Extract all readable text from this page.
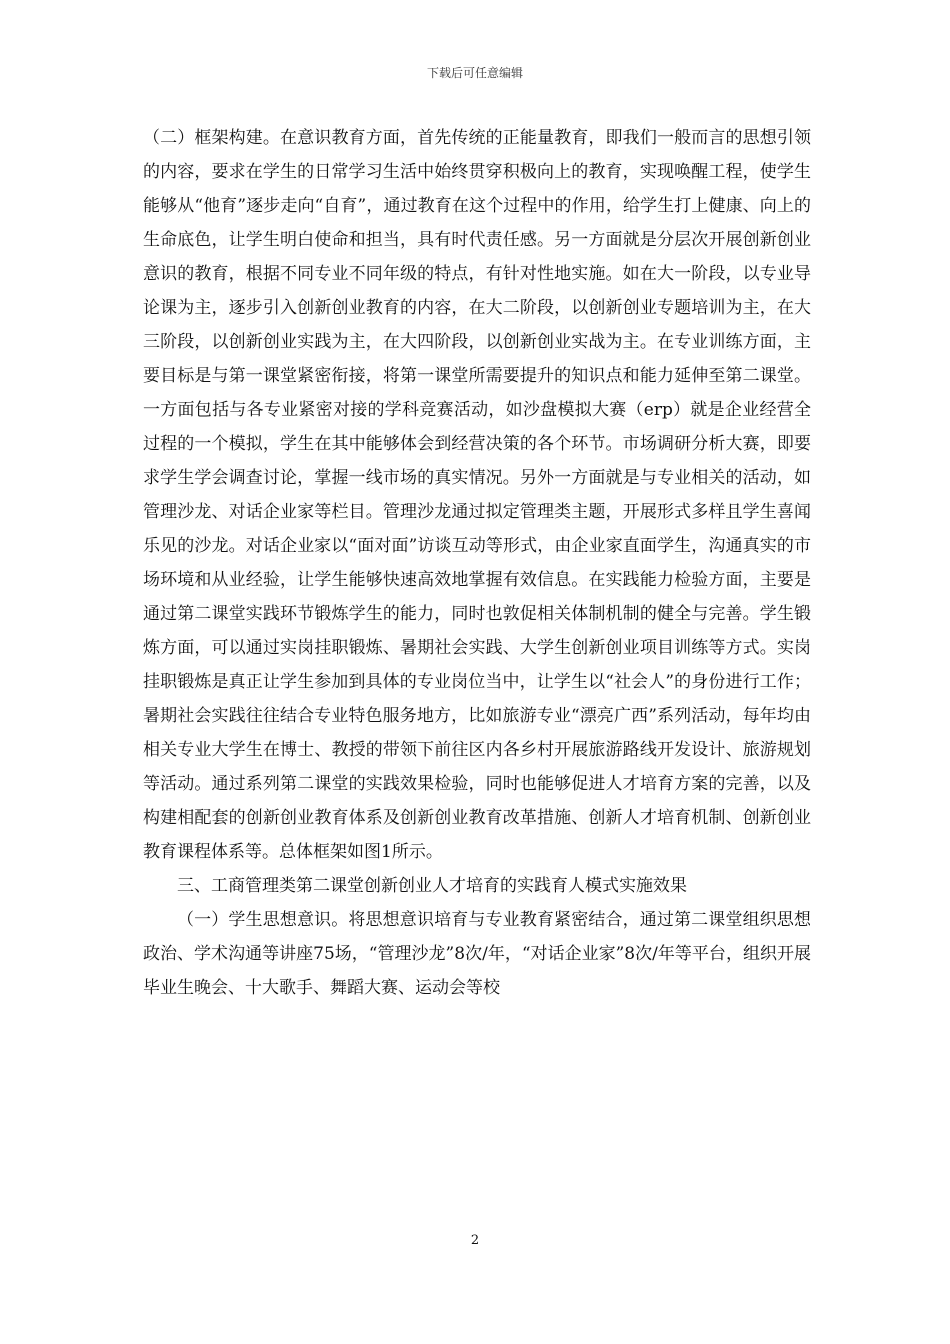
下载后可任意编辑

（二）框架构建。在意识教育方面，首先传统的正能量教育，即我们一般而言的思想引领的内容，要求在学生的日常学习生活中始终贯穿积极向上的教育，实现唤醒工程，使学生能够从“他育”逐步走向“自育”，通过教育在这个过程中的作用，给学生打上健康、向上的生命底色，让学生明白使命和担当，具有时代责任感。另一方面就是分层次开展创新创业意识的教育，根据不同专业不同年级的特点，有针对性地实施。如在大一阶段，以专业导论课为主，逐步引入创新创业教育的内容，在大二阶段，以创新创业专题培训为主，在大三阶段，以创新创业实践为主，在大四阶段，以创新创业实战为主。在专业训练方面，主要目标是与第一课堂紧密衔接，将第一课堂所需要提升的知识点和能力延伸至第二课堂。一方面包括与各专业紧密对接的学科竞赛活动，如沙盘模拟大赛（erp）就是企业经营全过程的一个模拟，学生在其中能够体会到经营决策的各个环节。市场调研分析大赛，即要求学生学会调查讨论，掌握一线市场的真实情况。另外一方面就是与专业相关的活动，如管理沙龙、对话企业家等栏目。管理沙龙通过拟定管理类主题，开展形式多样且学生喜闻乐见的沙龙。对话企业家以“面对面”访谈互动等形式，由企业家直面学生，沟通真实的市场环境和从业经验，让学生能够快速高效地掌握有效信息。在实践能力检验方面，主要是通过第二课堂实践环节锻炼学生的能力，同时也敦促相关体制机制的健全与完善。学生锻炼方面，可以通过实岗挂职锻炼、暑期社会实践、大学生创新创业项目训练等方式。实岗挂职锻炼是真正让学生参加到具体的专业岗位当中，让学生以“社会人”的身份进行工作；暑期社会实践往往结合专业特色服务地方，比如旅游专业“漂亮广西”系列活动，每年均由相关专业大学生在博士、教授的带领下前往区内各乡村开展旅游路线开发设计、旅游规划等活动。通过系列第二课堂的实践效果检验，同时也能够促进人才培育方案的完善，以及构建相配套的创新创业教育体系及创新创业教育改革措施、创新人才培育机制、创新创业教育课程体系等。总体框架如图1所示。

三、工商管理类第二课堂创新创业人才培育的实践育人模式实施效果

（一）学生思想意识。将思想意识培育与专业教育紧密结合，通过第二课堂组织思想政治、学术沟通等讲座75场，“管理沙龙”8次/年，“对话企业家”8次/年等平台，组织开展毕业生晚会、十大歌手、舞蹈大赛、运动会等校

2
